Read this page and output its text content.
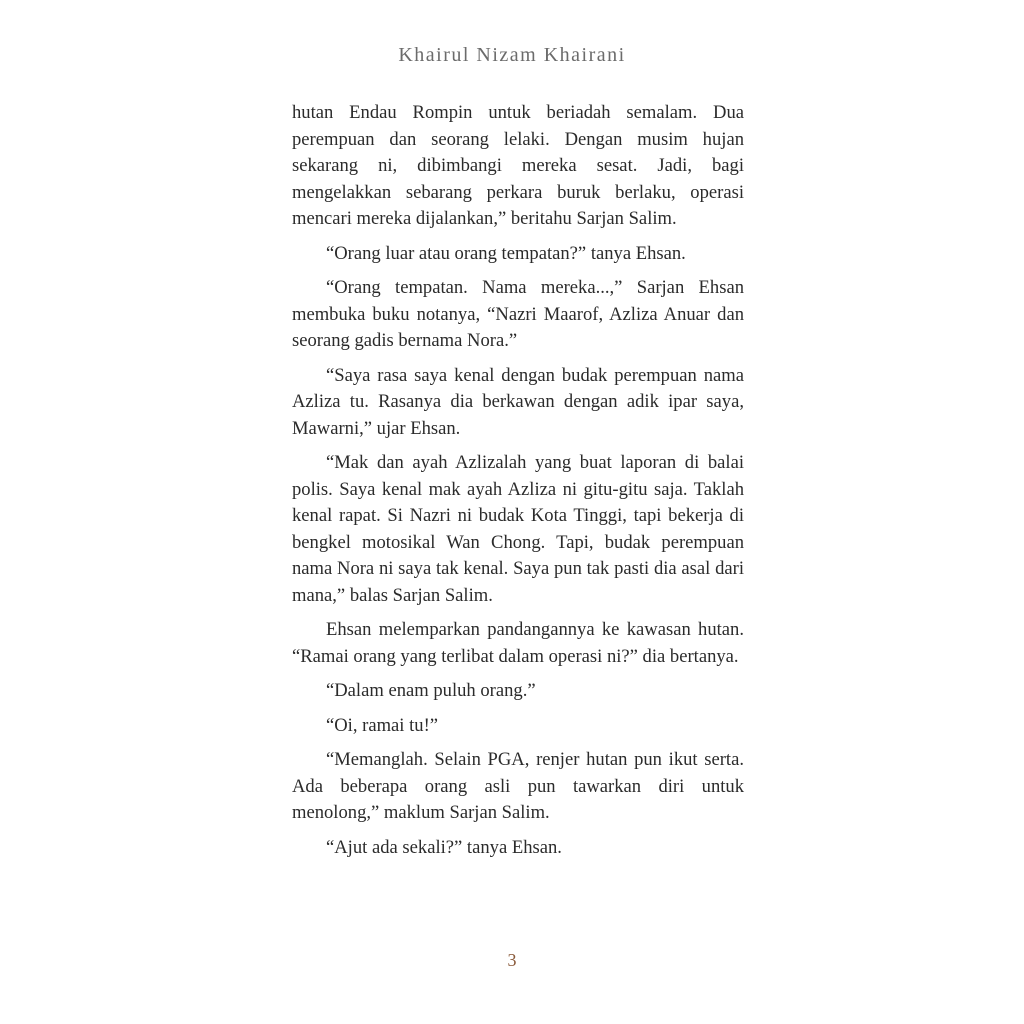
Khairul Nizam Khairani

hutan Endau Rompin untuk beriadah semalam. Dua perempuan dan seorang lelaki. Dengan musim hujan sekarang ni, dibimbangi mereka sesat. Jadi, bagi mengelakkan sebarang perkara buruk berlaku, operasi mencari mereka dijalankan,” beritahu Sarjan Salim.

“Orang luar atau orang tempatan?” tanya Ehsan.

“Orang tempatan. Nama mereka...,” Sarjan Ehsan membuka buku notanya, “Nazri Maarof, Azliza Anuar dan seorang gadis bernama Nora.”

“Saya rasa saya kenal dengan budak perempuan nama Azliza tu. Rasanya dia berkawan dengan adik ipar saya, Mawarni,” ujar Ehsan.

“Mak dan ayah Azlizalah yang buat laporan di balai polis. Saya kenal mak ayah Azliza ni gitu-gitu saja. Taklah kenal rapat. Si Nazri ni budak Kota Tinggi, tapi bekerja di bengkel motosikal Wan Chong. Tapi, budak perempuan nama Nora ni saya tak kenal. Saya pun tak pasti dia asal dari mana,” balas Sarjan Salim.

Ehsan melemparkan pandangannya ke kawasan hutan. “Ramai orang yang terlibat dalam operasi ni?” dia bertanya.

“Dalam enam puluh orang.”

“Oi, ramai tu!”

“Memanglah. Selain PGA, renjer hutan pun ikut serta. Ada beberapa orang asli pun tawarkan diri untuk menolong,” maklum Sarjan Salim.

“Ajut ada sekali?” tanya Ehsan.

3
